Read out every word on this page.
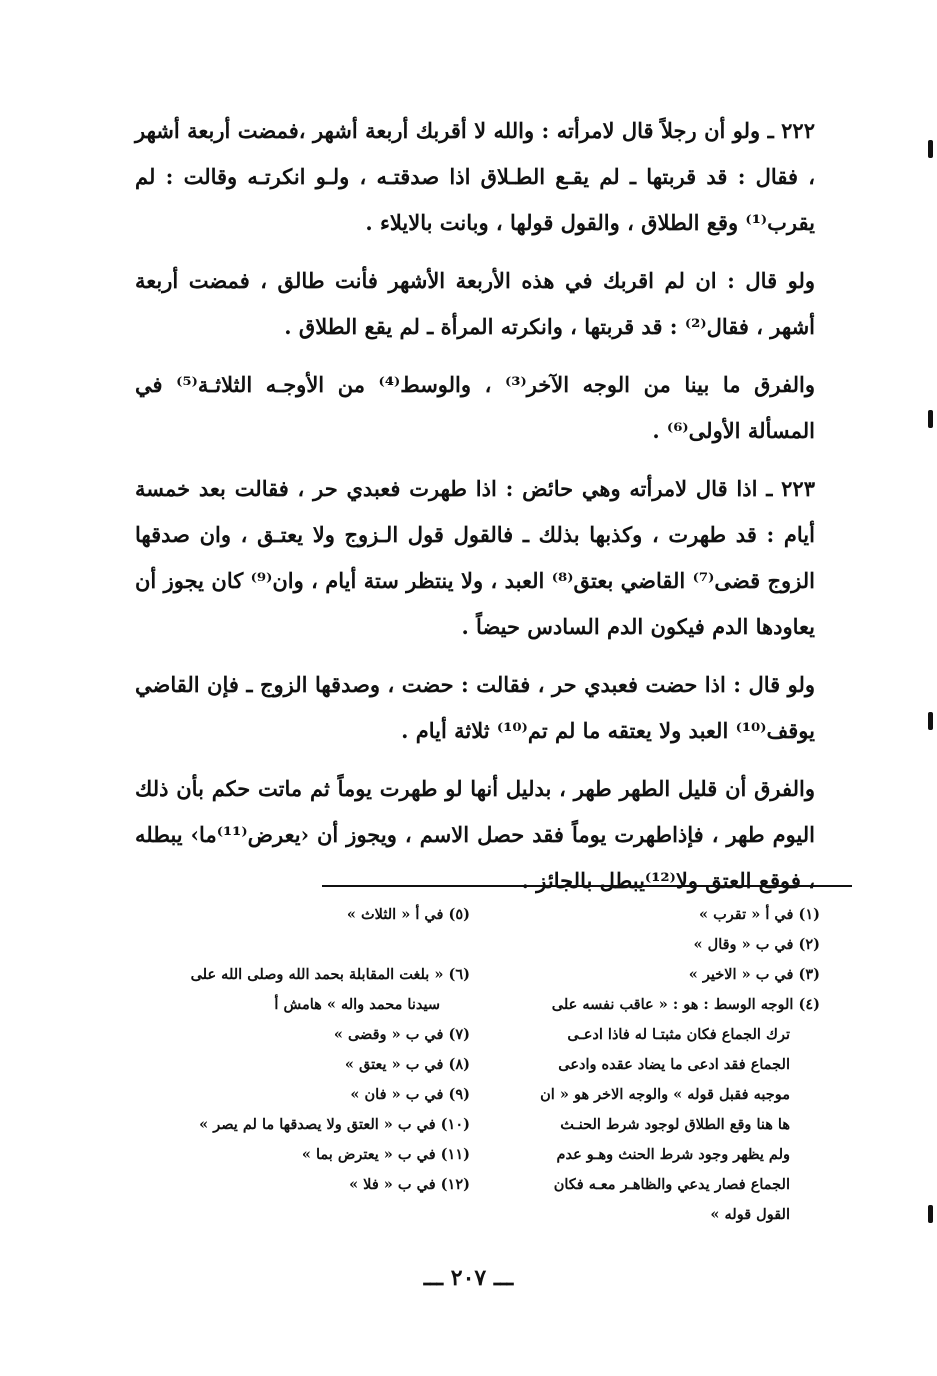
٢٢٢ ـ ولو أن رجلاً قال لامرأته : والله لا أقربك أربعة أشهر ،فمضت أربعة أشهر ، فقال : قد قربتها ـ لم يقـع الطـلاق اذا صدقتـه ، ولـو انكرتـه وقالت : لم يقرب⁽¹⁾ وقع الطلاق ، والقول قولها ، وبانت بالايلاء .

ولو قال : ان لم اقربك في هذه الأربعة الأشهر فأنت طالق ، فمضت أربعة أشهر ، فقال⁽²⁾ : قد قربتها ، وانكرته المرأة ـ لم يقع الطلاق .

والفرق ما بينا من الوجه الآخر⁽³⁾ ، والوسط⁽⁴⁾ من الأوجـه الثلاثـة⁽⁵⁾ في المسألة الأولى⁽⁶⁾ .

٢٢٣ ـ اذا قال لامرأته وهي حائض : اذا طهرت فعبدي حر ، فقالت بعد خمسة أيام : قد طهرت ، وكذبها بذلك ـ فالقول قول الـزوج ولا يعتـق ، وان صدقها الزوج قضى⁽⁷⁾ القاضي بعتق⁽⁸⁾ العبد ، ولا ينتظر ستة أيام ، وان⁽⁹⁾ كان يجوز أن يعاودها الدم فيكون الدم السادس حيضاً .

ولو قال : اذا حضت فعبدي حر ، فقالت : حضت ، وصدقها الزوج ـ فإن القاضي يوقف⁽¹⁰⁾ العبد ولا يعتقه ما لم تم⁽¹⁰⁾ ثلاثة أيام .

والفرق أن قليل الطهر طهر ، بدليل أنها لو طهرت يوماً ثم ماتت حكم بأن ذلك اليوم طهر ، فإذاطهرت يوماً فقد حصل الاسم ، ويجوز أن ‹يعرض⁽¹¹⁾ما› يبطله ، فوقع العتق ولا⁽¹²⁾يبطل بالجائز .

(١) في أ « تقرب »

(٢) في ب « وقال »

(٣) في ب « الاخير »

(٤) الوجه الوسط : هو : « عاقب نفسه على

ترك الجماع فكان مثبتـا له فاذا ادعـى

الجماع فقد ادعى ما يضاد عقده وادعى

موجبه فقبل قوله » والوجه الاخر هو « ان

ها هنا وقع الطلاق لوجود شرط الحنـث

ولم يظهر وجود شرط الحنث وهـو عدم

الجماع فصار يدعي والظاهـر معـه فكان

القول قوله »

(٥) في أ « الثلاث »

(٦) « بلغت المقابلة بحمد الله وصلى الله على

سيدنا محمد واله » هامش أ

(٧) في ب « وقضى »

(٨) في ب « يعتق »

(٩) في ب « فان »

(١٠) في ب « العتق ولا يصدقها ما لم يصر »

(١١) في ب « يعترض بما »

(١٢) في ب « فلا »

ـــ ٢٠٧ ـــ
